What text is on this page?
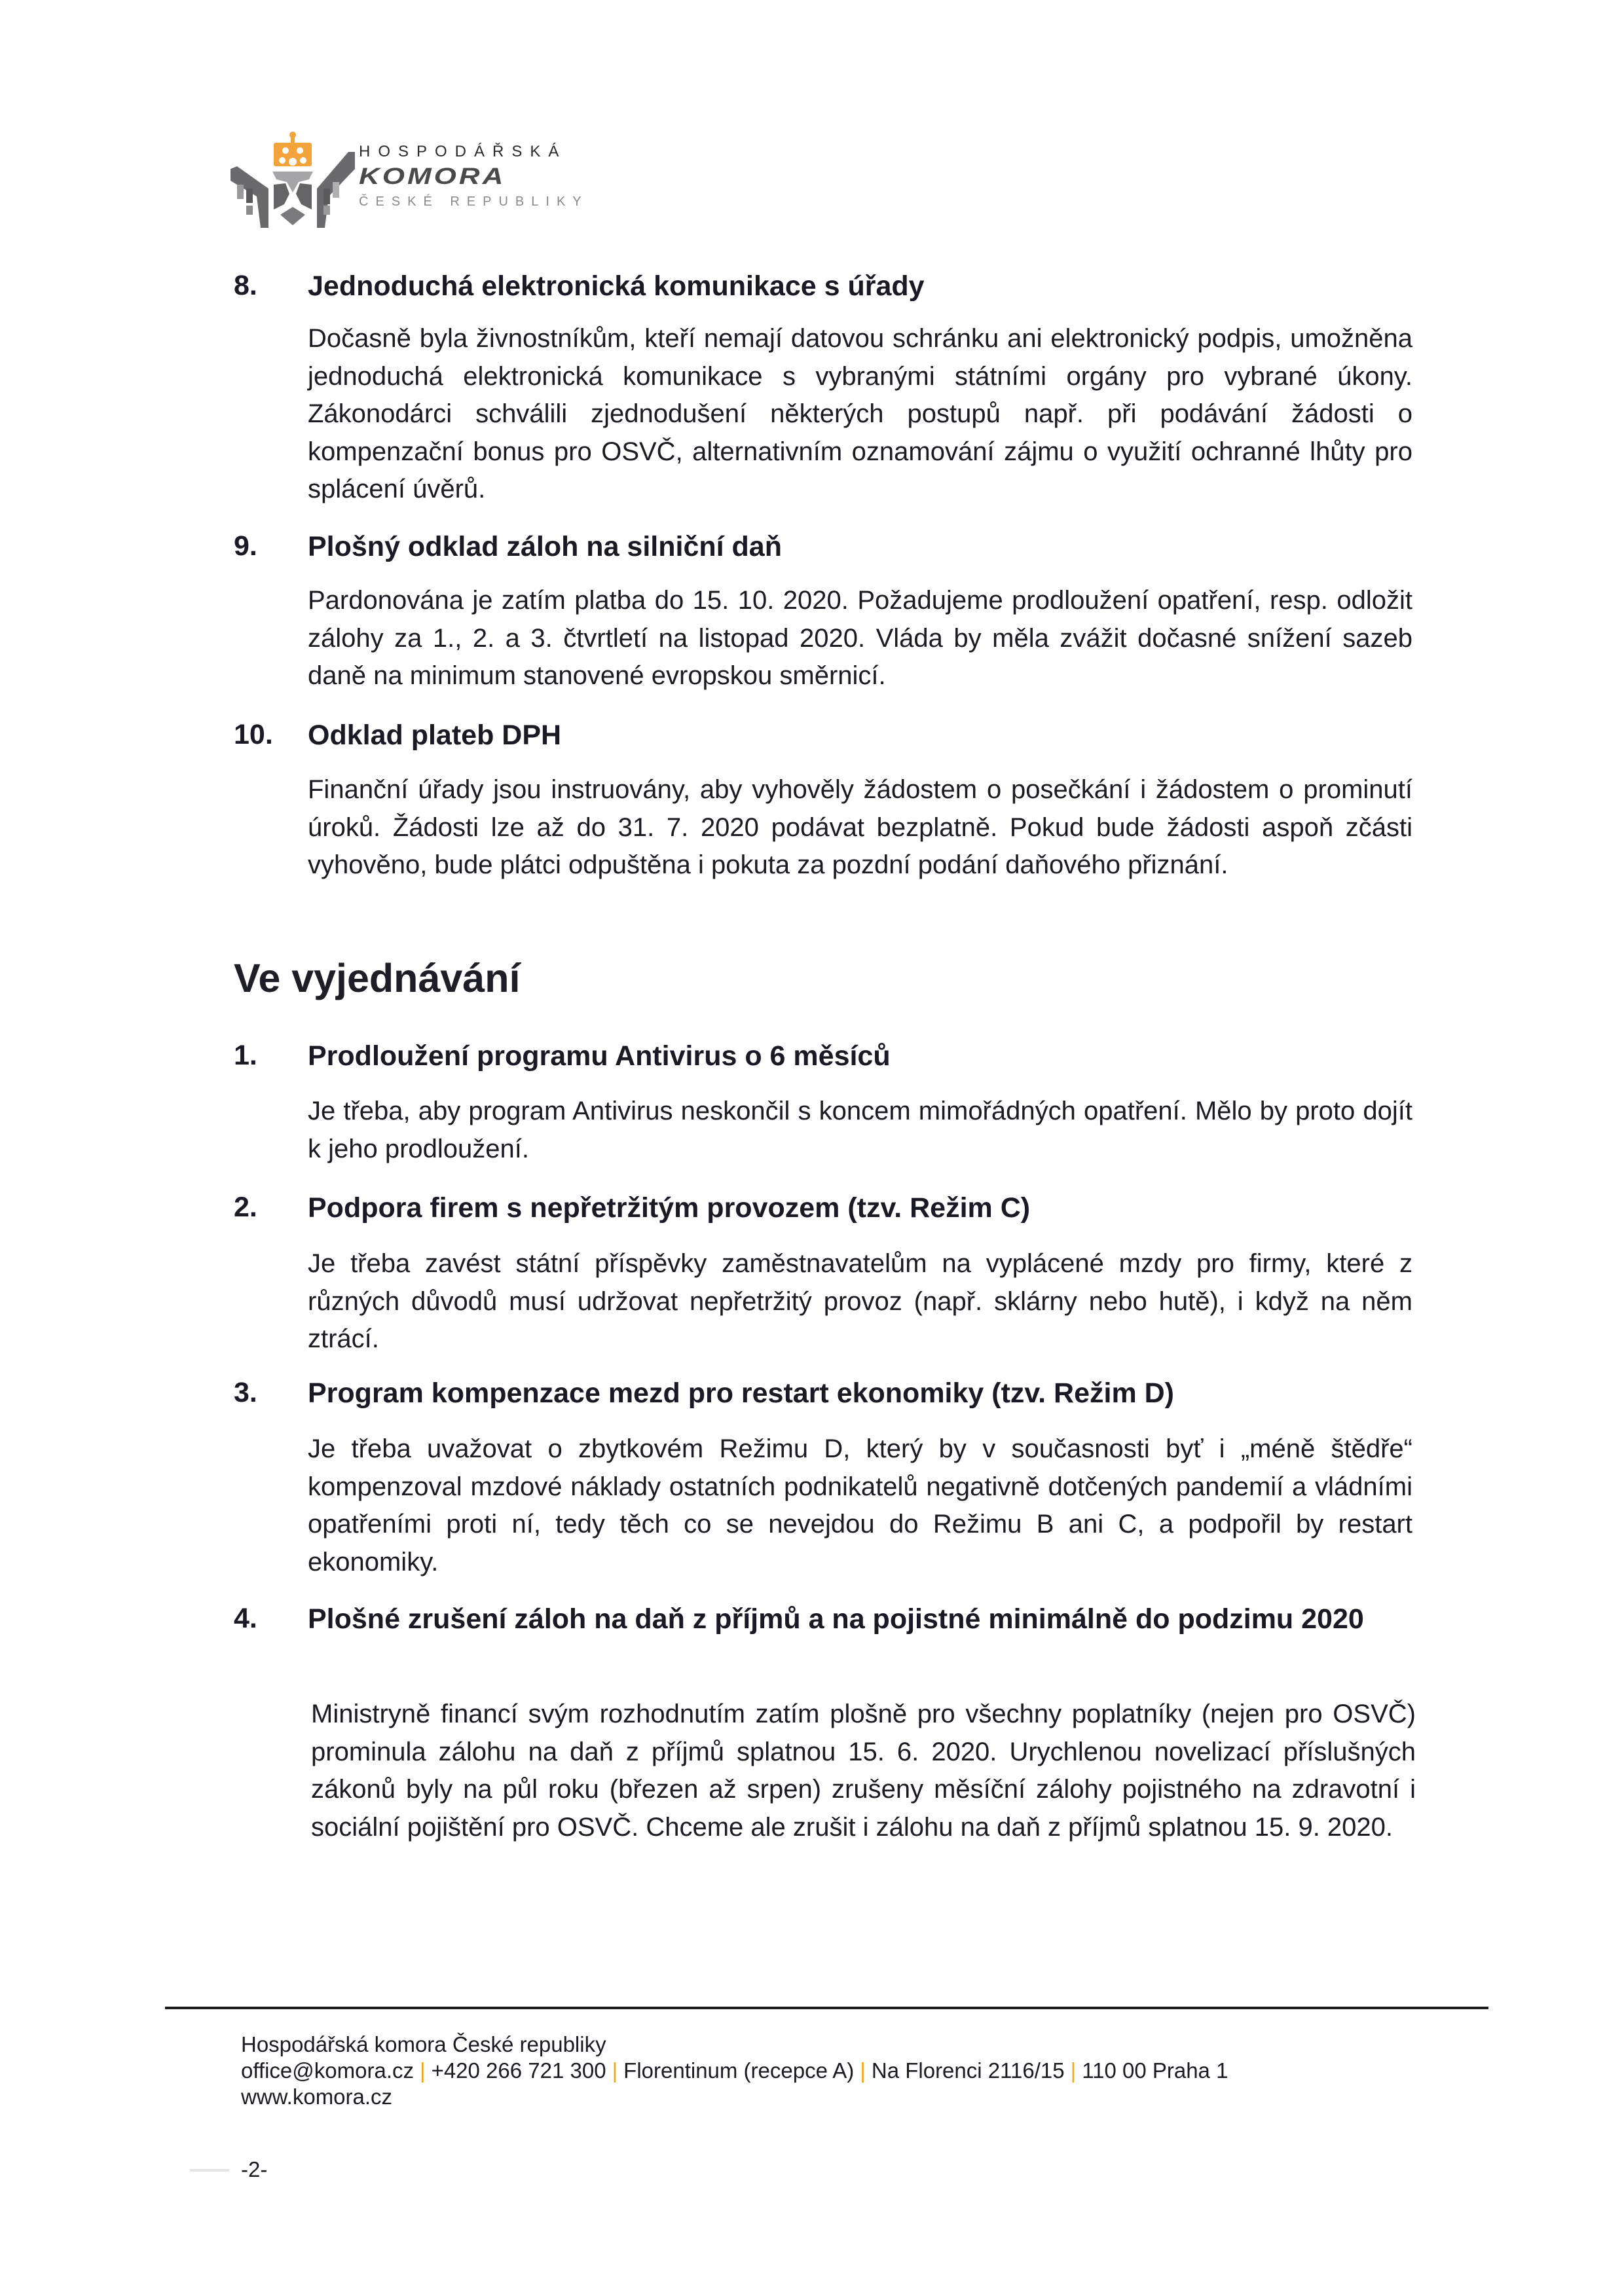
HOSPODÁŘSKÁ
KOMORA
ČESKÉ REPUBLIKY
8. Jednoduchá elektronická komunikace s úřady
Dočasně byla živnostníkům, kteří nemají datovou schránku ani elektronický podpis, umožněna jednoduchá elektronická komunikace s vybranými státními orgány pro vybrané úkony. Zákonodárci schválili zjednodušení některých postupů např. při podávání žádosti o kompenzační bonus pro OSVČ, alternativním oznamování zájmu o využití ochranné lhůty pro splácení úvěrů.
9. Plošný odklad záloh na silniční daň
Pardonována je zatím platba do 15. 10. 2020. Požadujeme prodloužení opatření, resp. odložit zálohy za 1., 2. a 3. čtvrtletí na listopad 2020. Vláda by měla zvážit dočasné snížení sazeb daně na minimum stanovené evropskou směrnicí.
10. Odklad plateb DPH
Finanční úřady jsou instruovány, aby vyhověly žádostem o posečkání i žádostem o prominutí úroků. Žádosti lze až do 31. 7. 2020 podávat bezplatně. Pokud bude žádosti aspoň zčásti vyhověno, bude plátci odpuštěna i pokuta za pozdní podání daňového přiznání.
Ve vyjednávání
1. Prodloužení programu Antivirus o 6 měsíců
Je třeba, aby program Antivirus neskončil s koncem mimořádných opatření. Mělo by proto dojít k jeho prodloužení.
2. Podpora firem s nepřetržitým provozem (tzv. Režim C)
Je třeba zavést státní příspěvky zaměstnavatelům na vyplácené mzdy pro firmy, které z různých důvodů musí udržovat nepřetržitý provoz (např. sklárny nebo hutě), i když na něm ztrácí.
3. Program kompenzace mezd pro restart ekonomiky (tzv. Režim D)
Je třeba uvažovat o zbytkovém Režimu D, který by v současnosti byť i „méně štědře“ kompenzoval mzdové náklady ostatních podnikatelů negativně dotčených pandemií a vládními opatřeními proti ní, tedy těch co se nevejdou do Režimu B ani C, a podpořil by restart ekonomiky.
4. Plošné zrušení záloh na daň z příjmů a na pojistné minimálně do podzimu 2020
Ministryně financí svým rozhodnutím zatím plošně pro všechny poplatníky (nejen pro OSVČ) prominula zálohu na daň z příjmů splatnou 15. 6. 2020. Urychlenou novelizací příslušných zákonů byly na půl roku (březen až srpen) zrušeny měsíční zálohy pojistného na zdravotní i sociální pojištění pro OSVČ. Chceme ale zrušit i zálohu na daň z příjmů splatnou 15. 9. 2020.
Hospodářská komora České republiky
office@komora.cz | +420 266 721 300 | Florentinum (recepce A) | Na Florenci 2116/15 | 110 00 Praha 1
www.komora.cz
-2-
